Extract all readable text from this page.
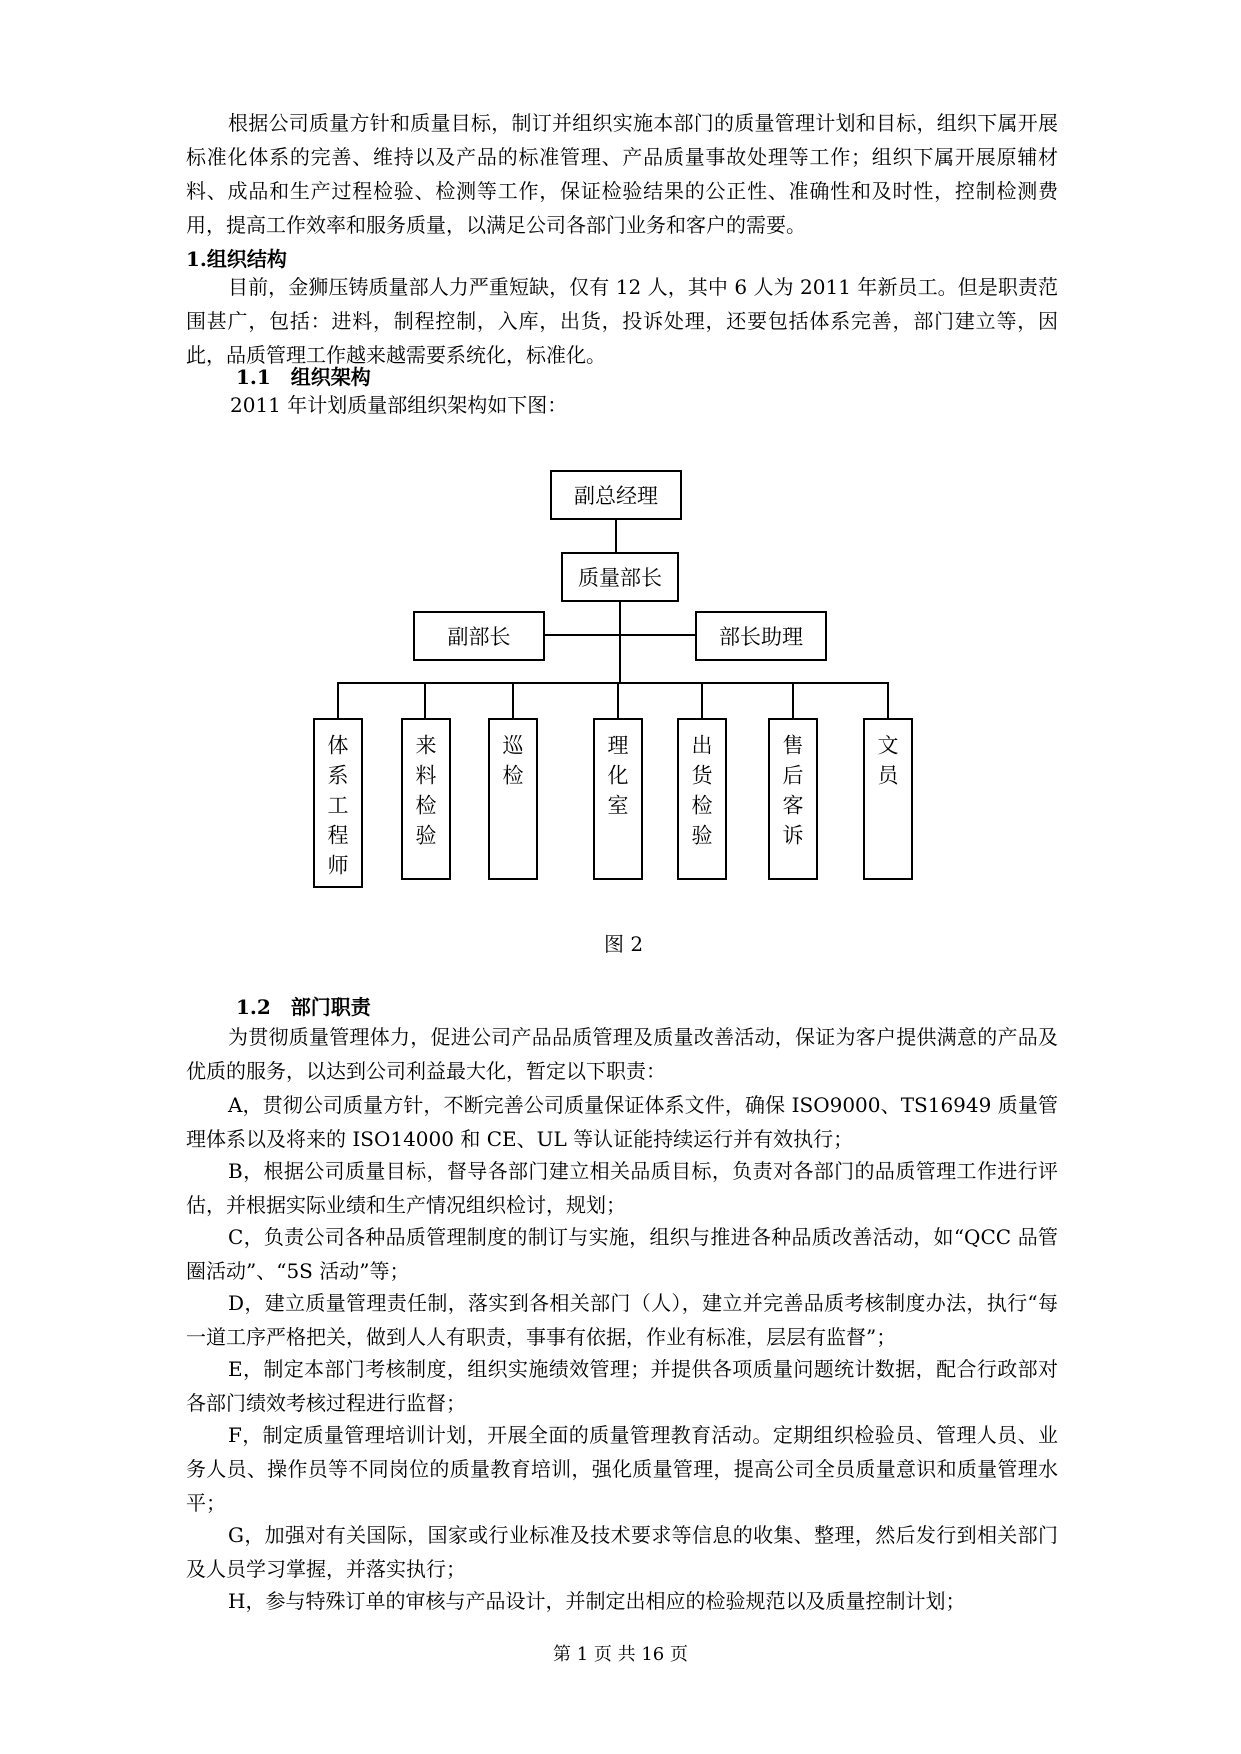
根据公司质量方针和质量目标，制订并组织实施本部门的质量管理计划和目标，组织下属开展标准化体系的完善、维持以及产品的标准管理、产品质量事故处理等工作；组织下属开展原辅材料、成品和生产过程检验、检测等工作，保证检验结果的公正性、准确性和及时性，控制检测费用，提高工作效率和服务质量，以满足公司各部门业务和客户的需要。

1.组织结构

目前，金狮压铸质量部人力严重短缺，仅有 12 人，其中 6 人为 2011 年新员工。但是职责范围甚广，包括：进料，制程控制，入库，出货，投诉处理，还要包括体系完善，部门建立等，因此，品质管理工作越来越需要系统化，标准化。

1.1　组织架构

2011 年计划质量部组织架构如下图：

副总经理
质量部长
副部长	部长助理
体系工程师	来料检验	巡检	理化室	出货检验	售后客诉	文员
图 2

1.2　部门职责

为贯彻质量管理体力，促进公司产品品质管理及质量改善活动，保证为客户提供满意的产品及优质的服务，以达到公司利益最大化，暂定以下职责：

A，贯彻公司质量方针，不断完善公司质量保证体系文件，确保 ISO9000、TS16949 质量管理体系以及将来的 ISO14000 和 CE、UL 等认证能持续运行并有效执行；

B，根据公司质量目标，督导各部门建立相关品质目标，负责对各部门的品质管理工作进行评估，并根据实际业绩和生产情况组织检讨，规划；

C，负责公司各种品质管理制度的制订与实施，组织与推进各种品质改善活动，如“QCC 品管圈活动”、“5S 活动”等；

D，建立质量管理责任制，落实到各相关部门（人），建立并完善品质考核制度办法，执行“每一道工序严格把关，做到人人有职责，事事有依据，作业有标准，层层有监督”；

E，制定本部门考核制度，组织实施绩效管理；并提供各项质量问题统计数据，配合行政部对各部门绩效考核过程进行监督；

F，制定质量管理培训计划，开展全面的质量管理教育活动。定期组织检验员、管理人员、业务人员、操作员等不同岗位的质量教育培训，强化质量管理，提高公司全员质量意识和质量管理水平；

G，加强对有关国际，国家或行业标准及技术要求等信息的收集、整理，然后发行到相关部门及人员学习掌握，并落实执行；

H，参与特殊订单的审核与产品设计，并制定出相应的检验规范以及质量控制计划；

第 1 页 共 16 页
